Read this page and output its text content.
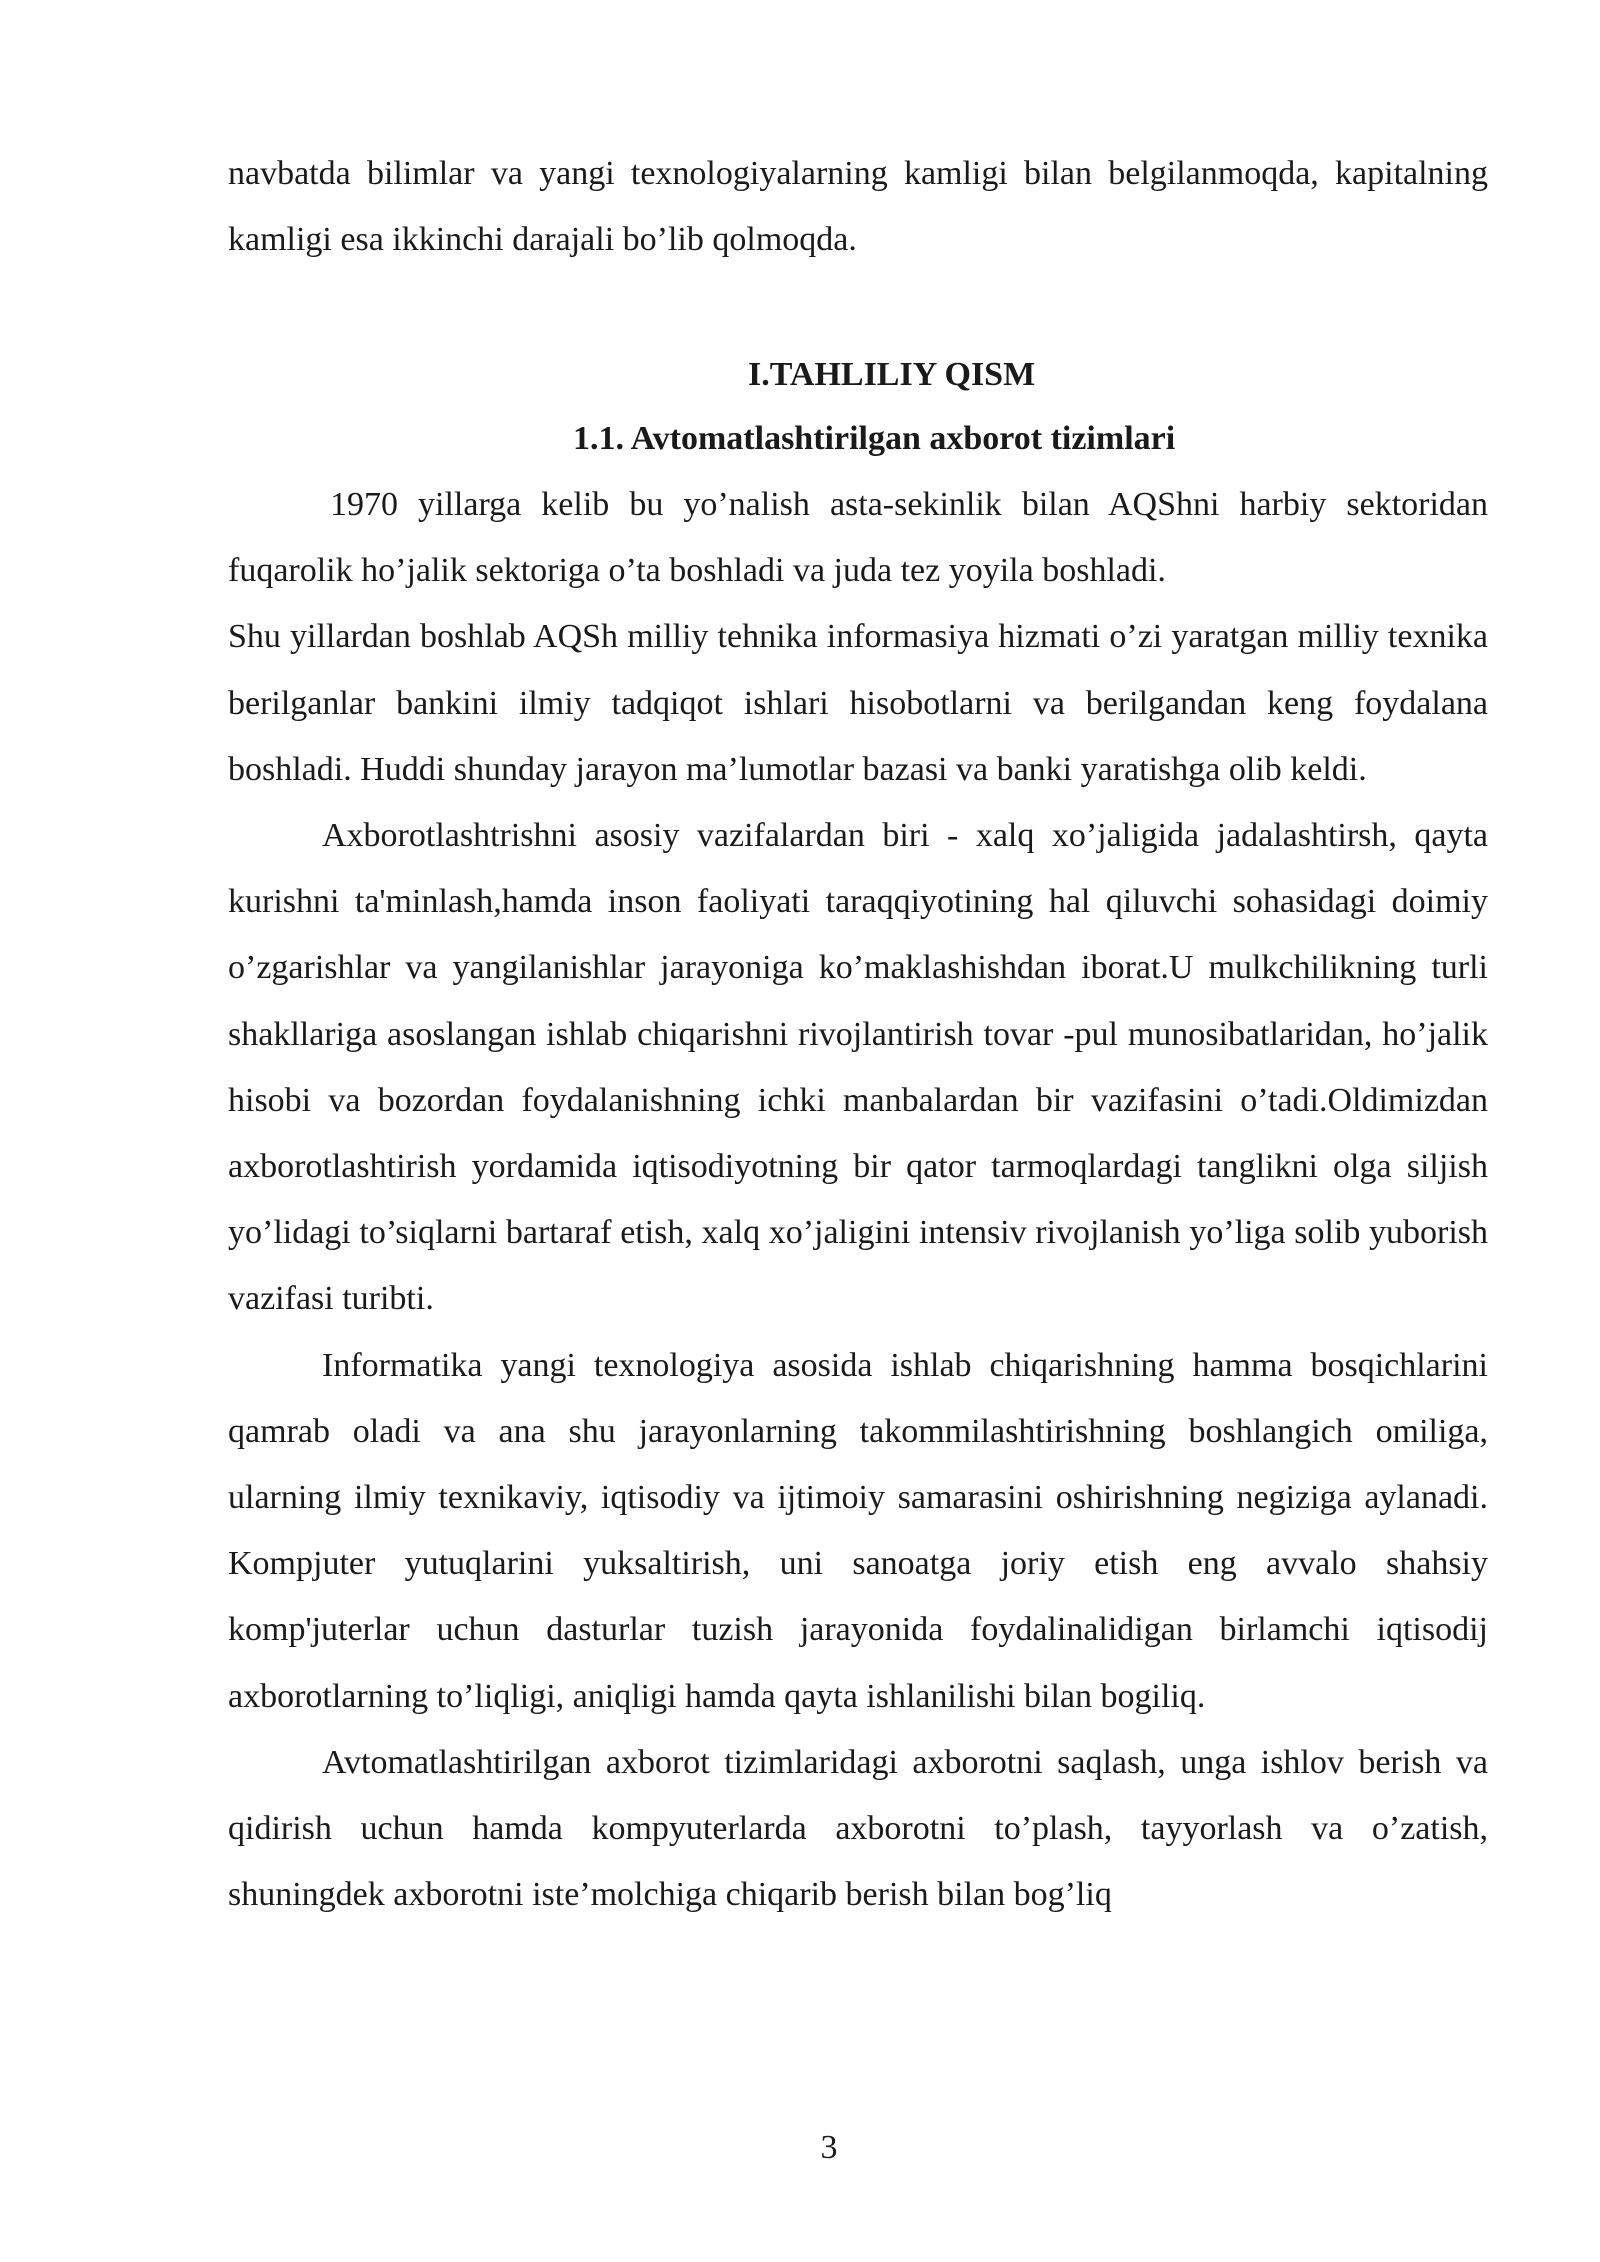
navbatda bilimlar va yangi texnologiyalarning kamligi bilan belgilanmoqda, kapitalning kamligi esa ikkinchi darajali bo’lib qolmoqda.

I.TAHLILIY QISM

1.1. Avtomatlashtirilgan axborot tizimlari

1970 yillarga kelib bu yo’nalish asta-sekinlik bilan AQShni harbiy sektoridan fuqarolik ho’jalik sektoriga o’ta boshladi va juda tez yoyila boshladi.

Shu yillardan boshlab AQSh milliy tehnika informasiya hizmati o’zi yaratgan milliy texnika berilganlar bankini ilmiy tadqiqot ishlari hisobotlarni va berilgandan keng foydalana boshladi. Huddi shunday jarayon ma’lumotlar bazasi va banki yaratishga olib keldi.

Axborotlashtrishni asosiy vazifalardan biri - xalq xo’jaligida jadalashtirsh, qayta kurishni ta'minlash,hamda inson faoliyati taraqqiyotining hal qiluvchi sohasidagi doimiy o’zgarishlar va yangilanishlar jarayoniga ko’maklashishdan iborat.U mulkchilikning turli shakllariga asoslangan ishlab chiqarishni rivojlantirish tovar -pul munosibatlaridan, ho’jalik hisobi va bozordan foydalanishning ichki manbalardan bir vazifasini o’tadi.Oldimizdan axborotlashtirish yordamida iqtisodiyotning bir qator tarmoqlardagi tanglikni olga siljish yo’lidagi to’siqlarni bartaraf etish, xalq xo’jaligini intensiv rivojlanish yo’liga solib yuborish vazifasi turibti.

Informatika yangi texnologiya asosida ishlab chiqarishning hamma bosqichlarini qamrab oladi va ana shu jarayonlarning takommilashtirishning boshlangich omiliga, ularning ilmiy texnikaviy, iqtisodiy va ijtimoiy samarasini oshirishning negiziga aylanadi. Kompjuter yutuqlarini yuksaltirish, uni sanoatga joriy etish eng avvalo shahsiy komp'juterlar uchun dasturlar tuzish jarayonida foydalinalidigan birlamchi iqtisodij axborotlarning to’liqligi, aniqligi hamda qayta ishlanilishi bilan bogiliq.

Avtomatlashtirilgan axborot tizimlaridagi axborotni saqlash, unga ishlov berish va qidirish uchun hamda kompyuterlarda axborotni to’plash, tayyorlash va o’zatish, shuningdek axborotni iste’molchiga chiqarib berish bilan bog’liq

3
